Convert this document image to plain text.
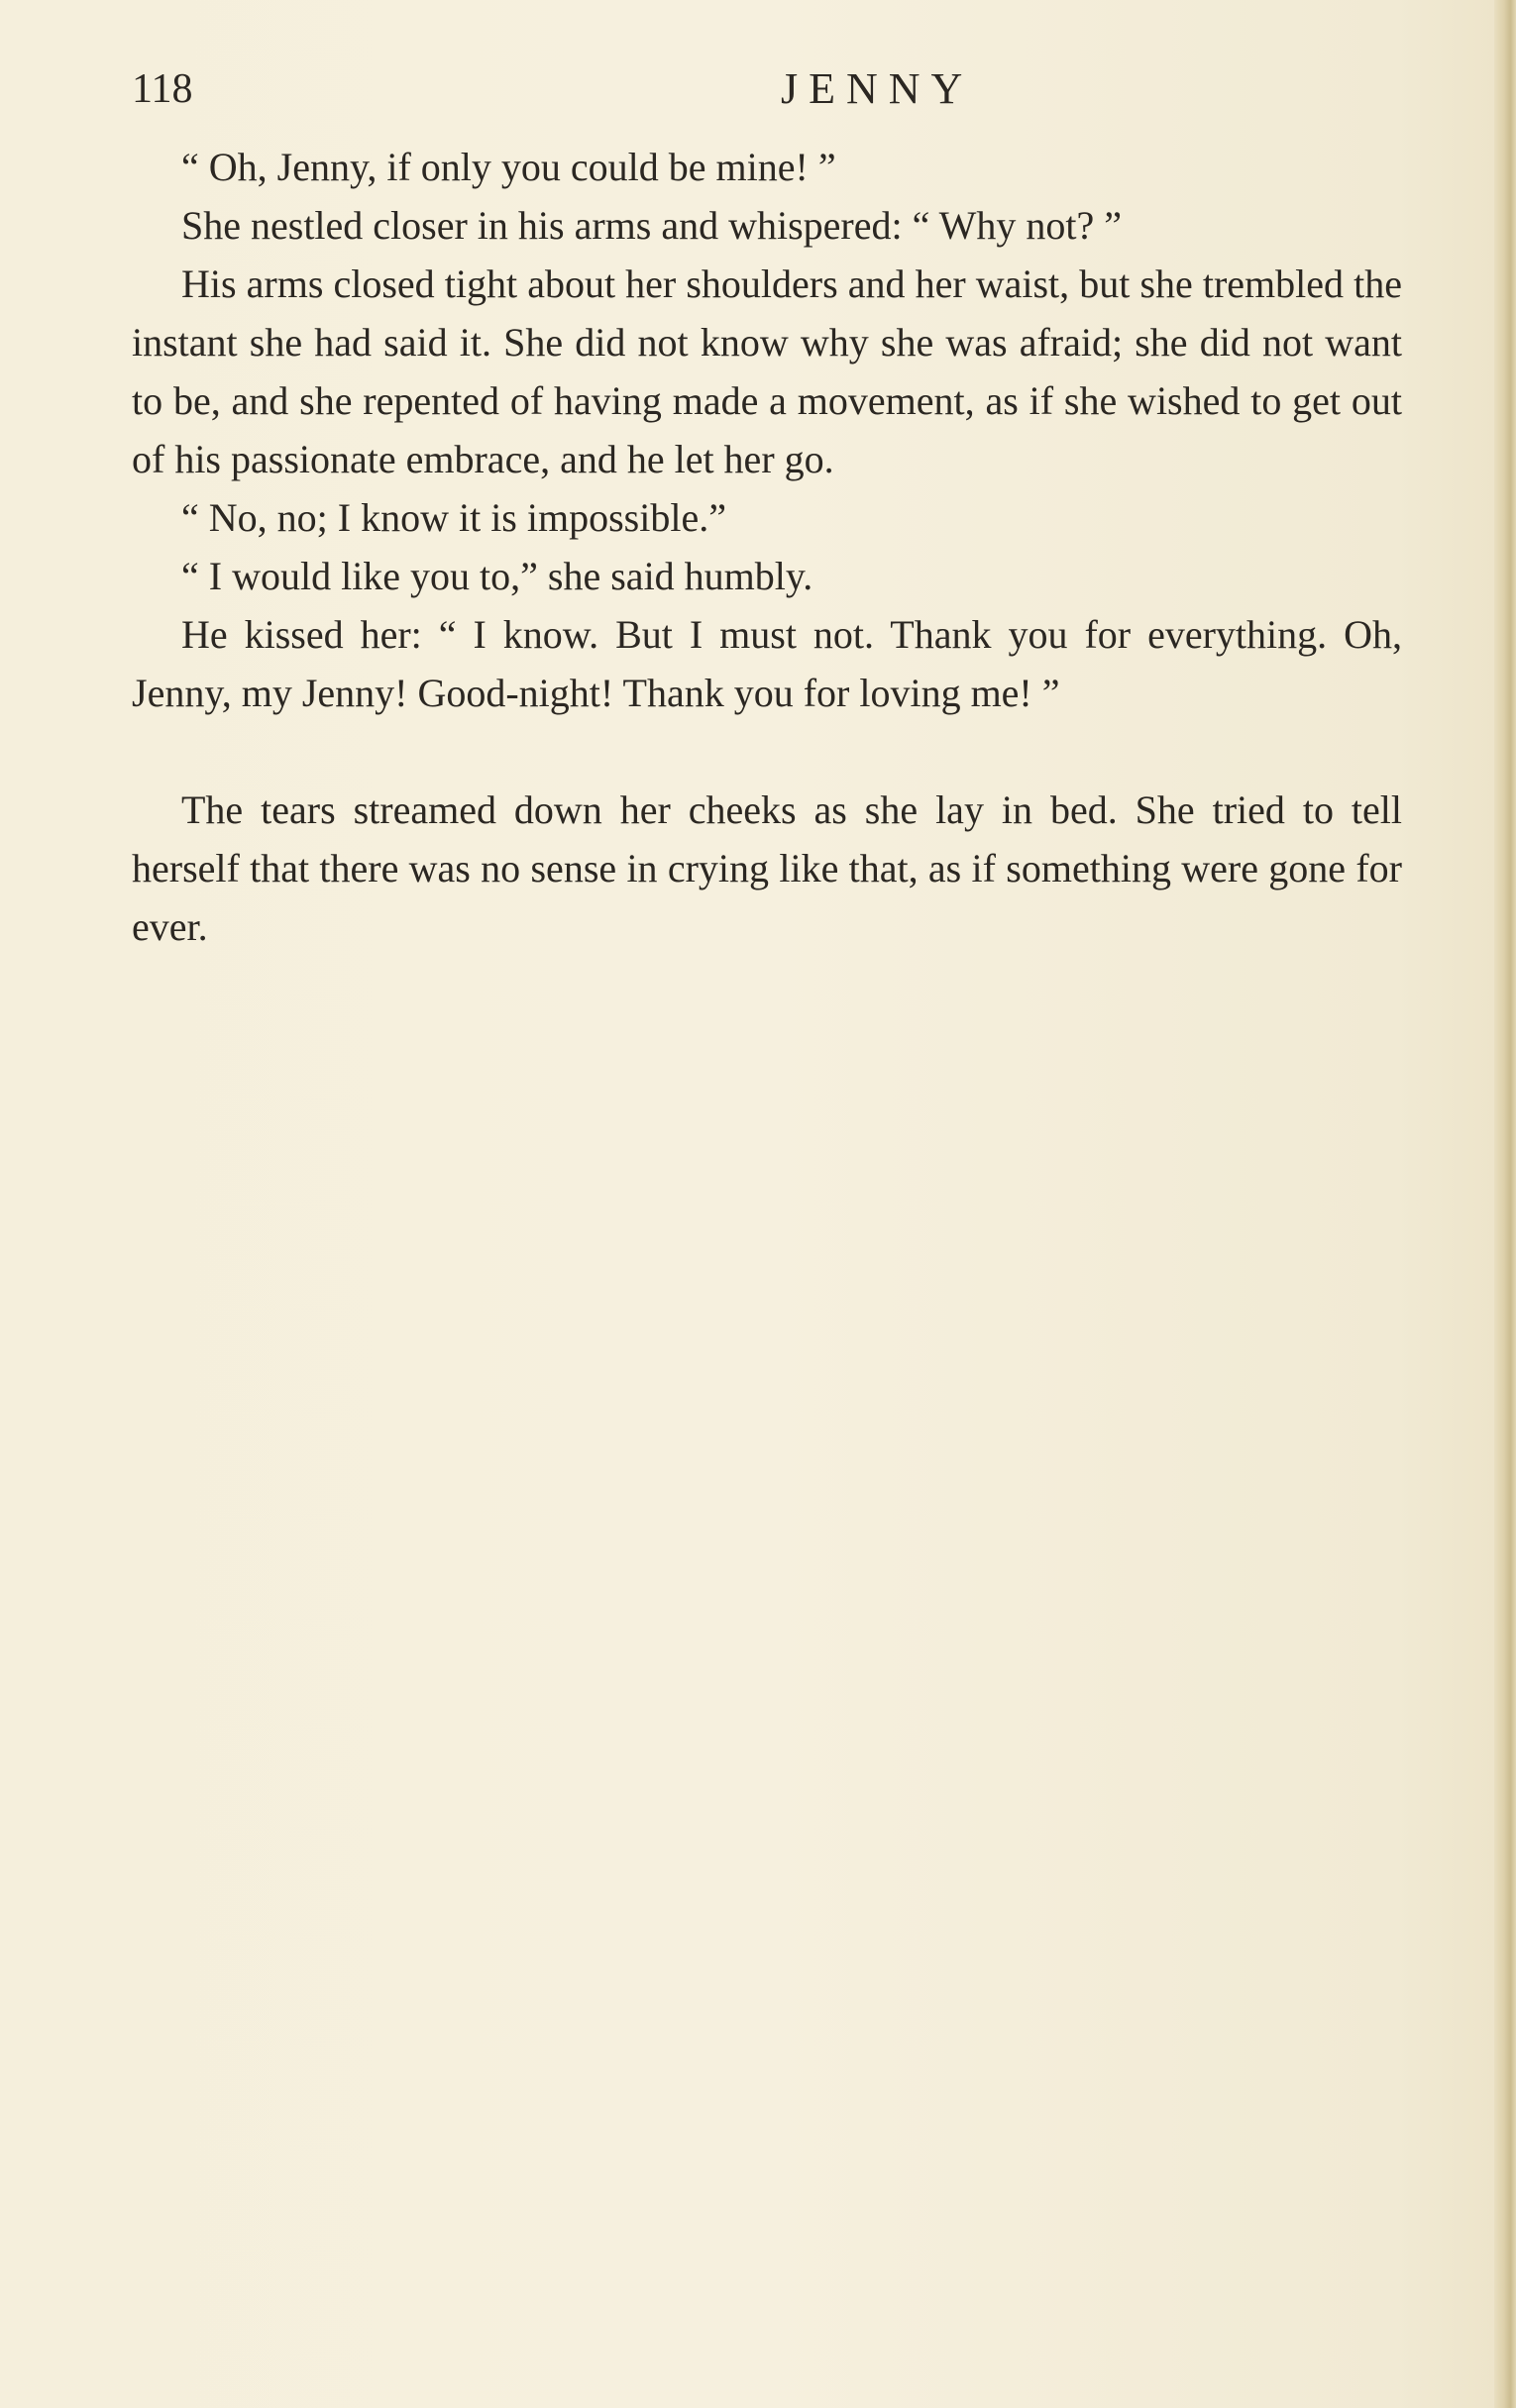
118	JENNY

“ Oh, Jenny, if only you could be mine! ”

She nestled closer in his arms and whispered: “ Why not? ”

His arms closed tight about her shoulders and her waist, but she trembled the instant she had said it. She did not know why she was afraid; she did not want to be, and she repented of having made a movement, as if she wished to get out of his passionate embrace, and he let her go.

“ No, no; I know it is impossible.”

“ I would like you to,” she said humbly.

He kissed her: “ I know. But I must not. Thank you for everything. Oh, Jenny, my Jenny! Good-night! Thank you for loving me! ”

The tears streamed down her cheeks as she lay in bed. She tried to tell herself that there was no sense in crying like that, as if something were gone for ever.
